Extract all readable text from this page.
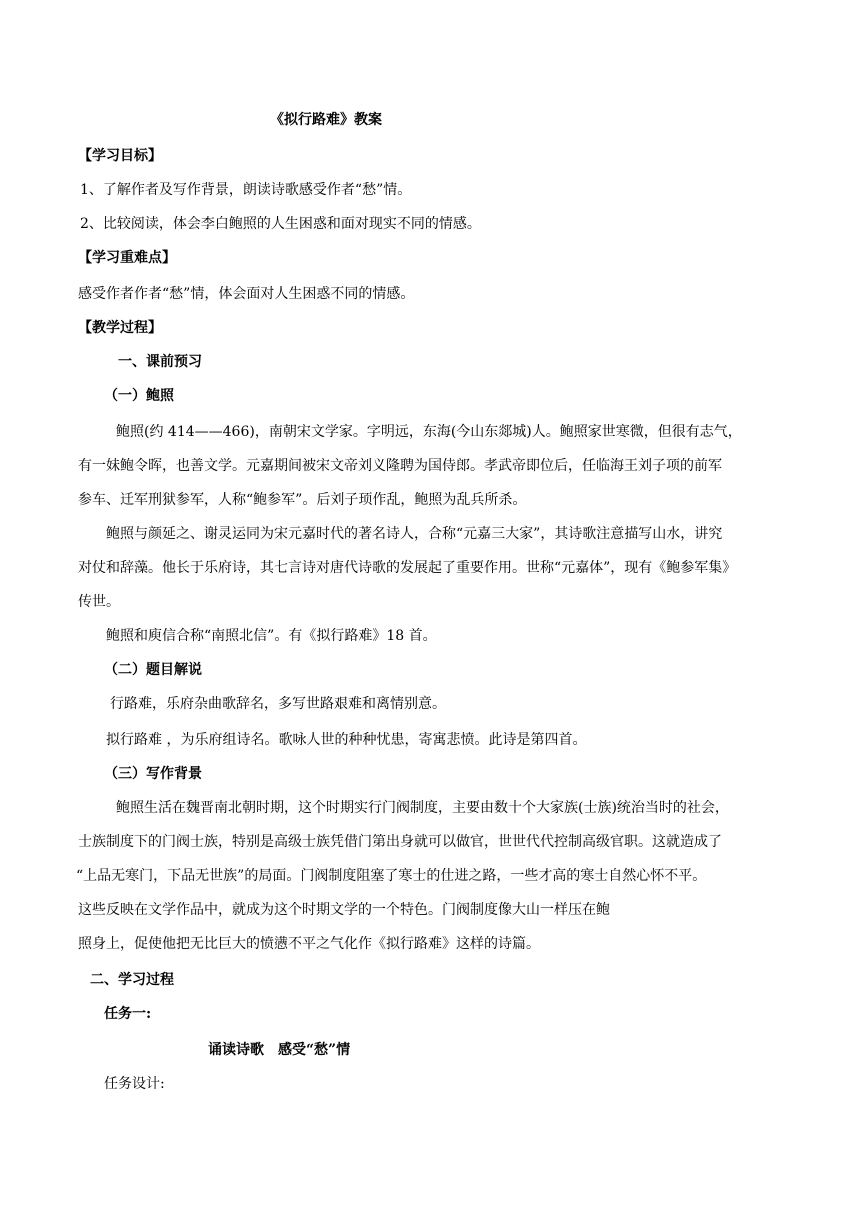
《拟行路难》教案
【学习目标】
1、了解作者及写作背景，朗读诗歌感受作者“愁”情。
2、比较阅读，体会李白鲍照的人生困惑和面对现实不同的情感。
【学习重难点】
感受作者作者“愁”情，体会面对人生困惑不同的情感。
【教学过程】
一、课前预习
（一）鲍照
鲍照(约 414——466)，南朝宋文学家。字明远，东海(今山东郯城)人。鲍照家世寒微，但很有志气，
有一妹鲍令晖，也善文学。元嘉期间被宋文帝刘义隆聘为国侍郎。孝武帝即位后，任临海王刘子项的前军
参车、迁军刑狱参军，人称“鲍参军”。后刘子顼作乱，鲍照为乱兵所杀。
鲍照与颜延之、谢灵运同为宋元嘉时代的著名诗人，合称“元嘉三大家”，其诗歌注意描写山水，讲究
对仗和辞藻。他长于乐府诗，其七言诗对唐代诗歌的发展起了重要作用。世称“元嘉体”，现有《鲍参军集》
传世。
鲍照和庾信合称“南照北信”。有《拟行路难》18 首。
（二）题目解说
行路难，乐府杂曲歌辞名，多写世路艰难和离情别意。
拟行路难 ，为乐府组诗名。歌咏人世的种种忧患，寄寓悲愤。此诗是第四首。
（三）写作背景
鲍照生活在魏晋南北朝时期，这个时期实行门阀制度，主要由数十个大家族(士族)统治当时的社会，
士族制度下的门阀士族，特别是高级士族凭借门第出身就可以做官，世世代代控制高级官职。这就造成了
“上品无寒门，下品无世族”的局面。门阀制度阻塞了寒士的仕进之路，一些才高的寒士自然心怀不平。
这些反映在文学作品中，就成为这个时期文学的一个特色。门阀制度像大山一样压在鲍
照身上，促使他把无比巨大的愤懑不平之气化作《拟行路难》这样的诗篇。
二、学习过程
任务一:
诵读诗歌　感受“愁”情
任务设计:
